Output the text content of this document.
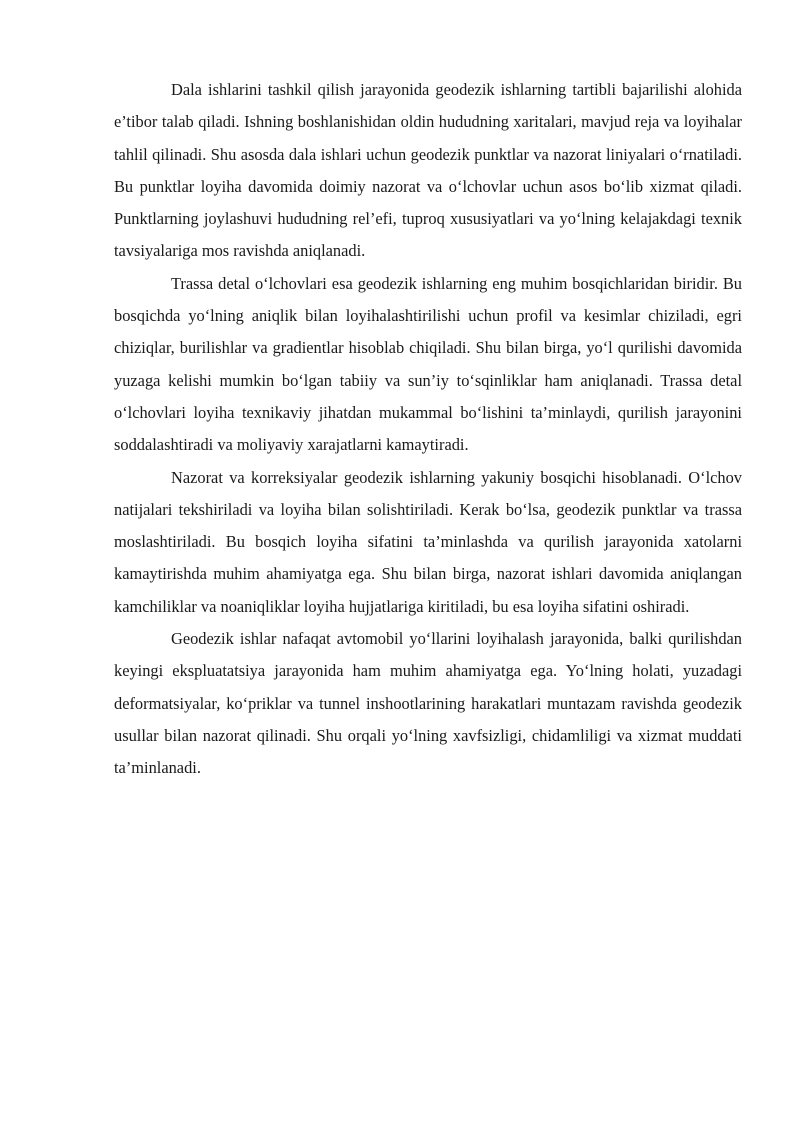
Dala ishlarini tashkil qilish jarayonida geodezik ishlarning tartibli bajarilishi alohida e’tibor talab qiladi. Ishning boshlanishidan oldin hududning xaritalari, mavjud reja va loyihalar tahlil qilinadi. Shu asosda dala ishlari uchun geodezik punktlar va nazorat liniyalari o‘rnatiladi. Bu punktlar loyiha davomida doimiy nazorat va o‘lchovlar uchun asos bo‘lib xizmat qiladi. Punktlarning joylashuvi hududning rel’efi, tuproq xususiyatlari va yo‘lning kelajakdagi texnik tavsiyalariga mos ravishda aniqlanadi.

Trassa detal o‘lchovlari esa geodezik ishlarning eng muhim bosqichlaridan biridir. Bu bosqichda yo‘lning aniqlik bilan loyihalashtirilishi uchun profil va kesimlar chiziladi, egri chiziqlar, burilishlar va gradientlar hisoblab chiqiladi. Shu bilan birga, yo‘l qurilishi davomida yuzaga kelishi mumkin bo‘lgan tabiiy va sun’iy to‘sqinliklar ham aniqlanadi. Trassa detal o‘lchovlari loyiha texnikaviy jihatdan mukammal bo‘lishini ta’minlaydi, qurilish jarayonini soddalashtiradi va moliyaviy xarajatlarni kamaytiradi.

Nazorat va korreksiyalar geodezik ishlarning yakuniy bosqichi hisoblanadi. O‘lchov natijalari tekshiriladi va loyiha bilan solishtiriladi. Kerak bo‘lsa, geodezik punktlar va trassa moslashtiriladi. Bu bosqich loyiha sifatini ta’minlashda va qurilish jarayonida xatolarni kamaytirishda muhim ahamiyatga ega. Shu bilan birga, nazorat ishlari davomida aniqlangan kamchiliklar va noaniqliklar loyiha hujjatlariga kiritiladi, bu esa loyiha sifatini oshiradi.

Geodezik ishlar nafaqat avtomobil yo‘llarini loyihalash jarayonida, balki qurilishdan keyingi ekspluatatsiya jarayonida ham muhim ahamiyatga ega. Yo‘lning holati, yuzadagi deformatsiyalar, ko‘priklar va tunnel inshootlarining harakatlari muntazam ravishda geodezik usullar bilan nazorat qilinadi. Shu orqali yo‘lning xavfsizligi, chidamliligi va xizmat muddati ta’minlanadi.
